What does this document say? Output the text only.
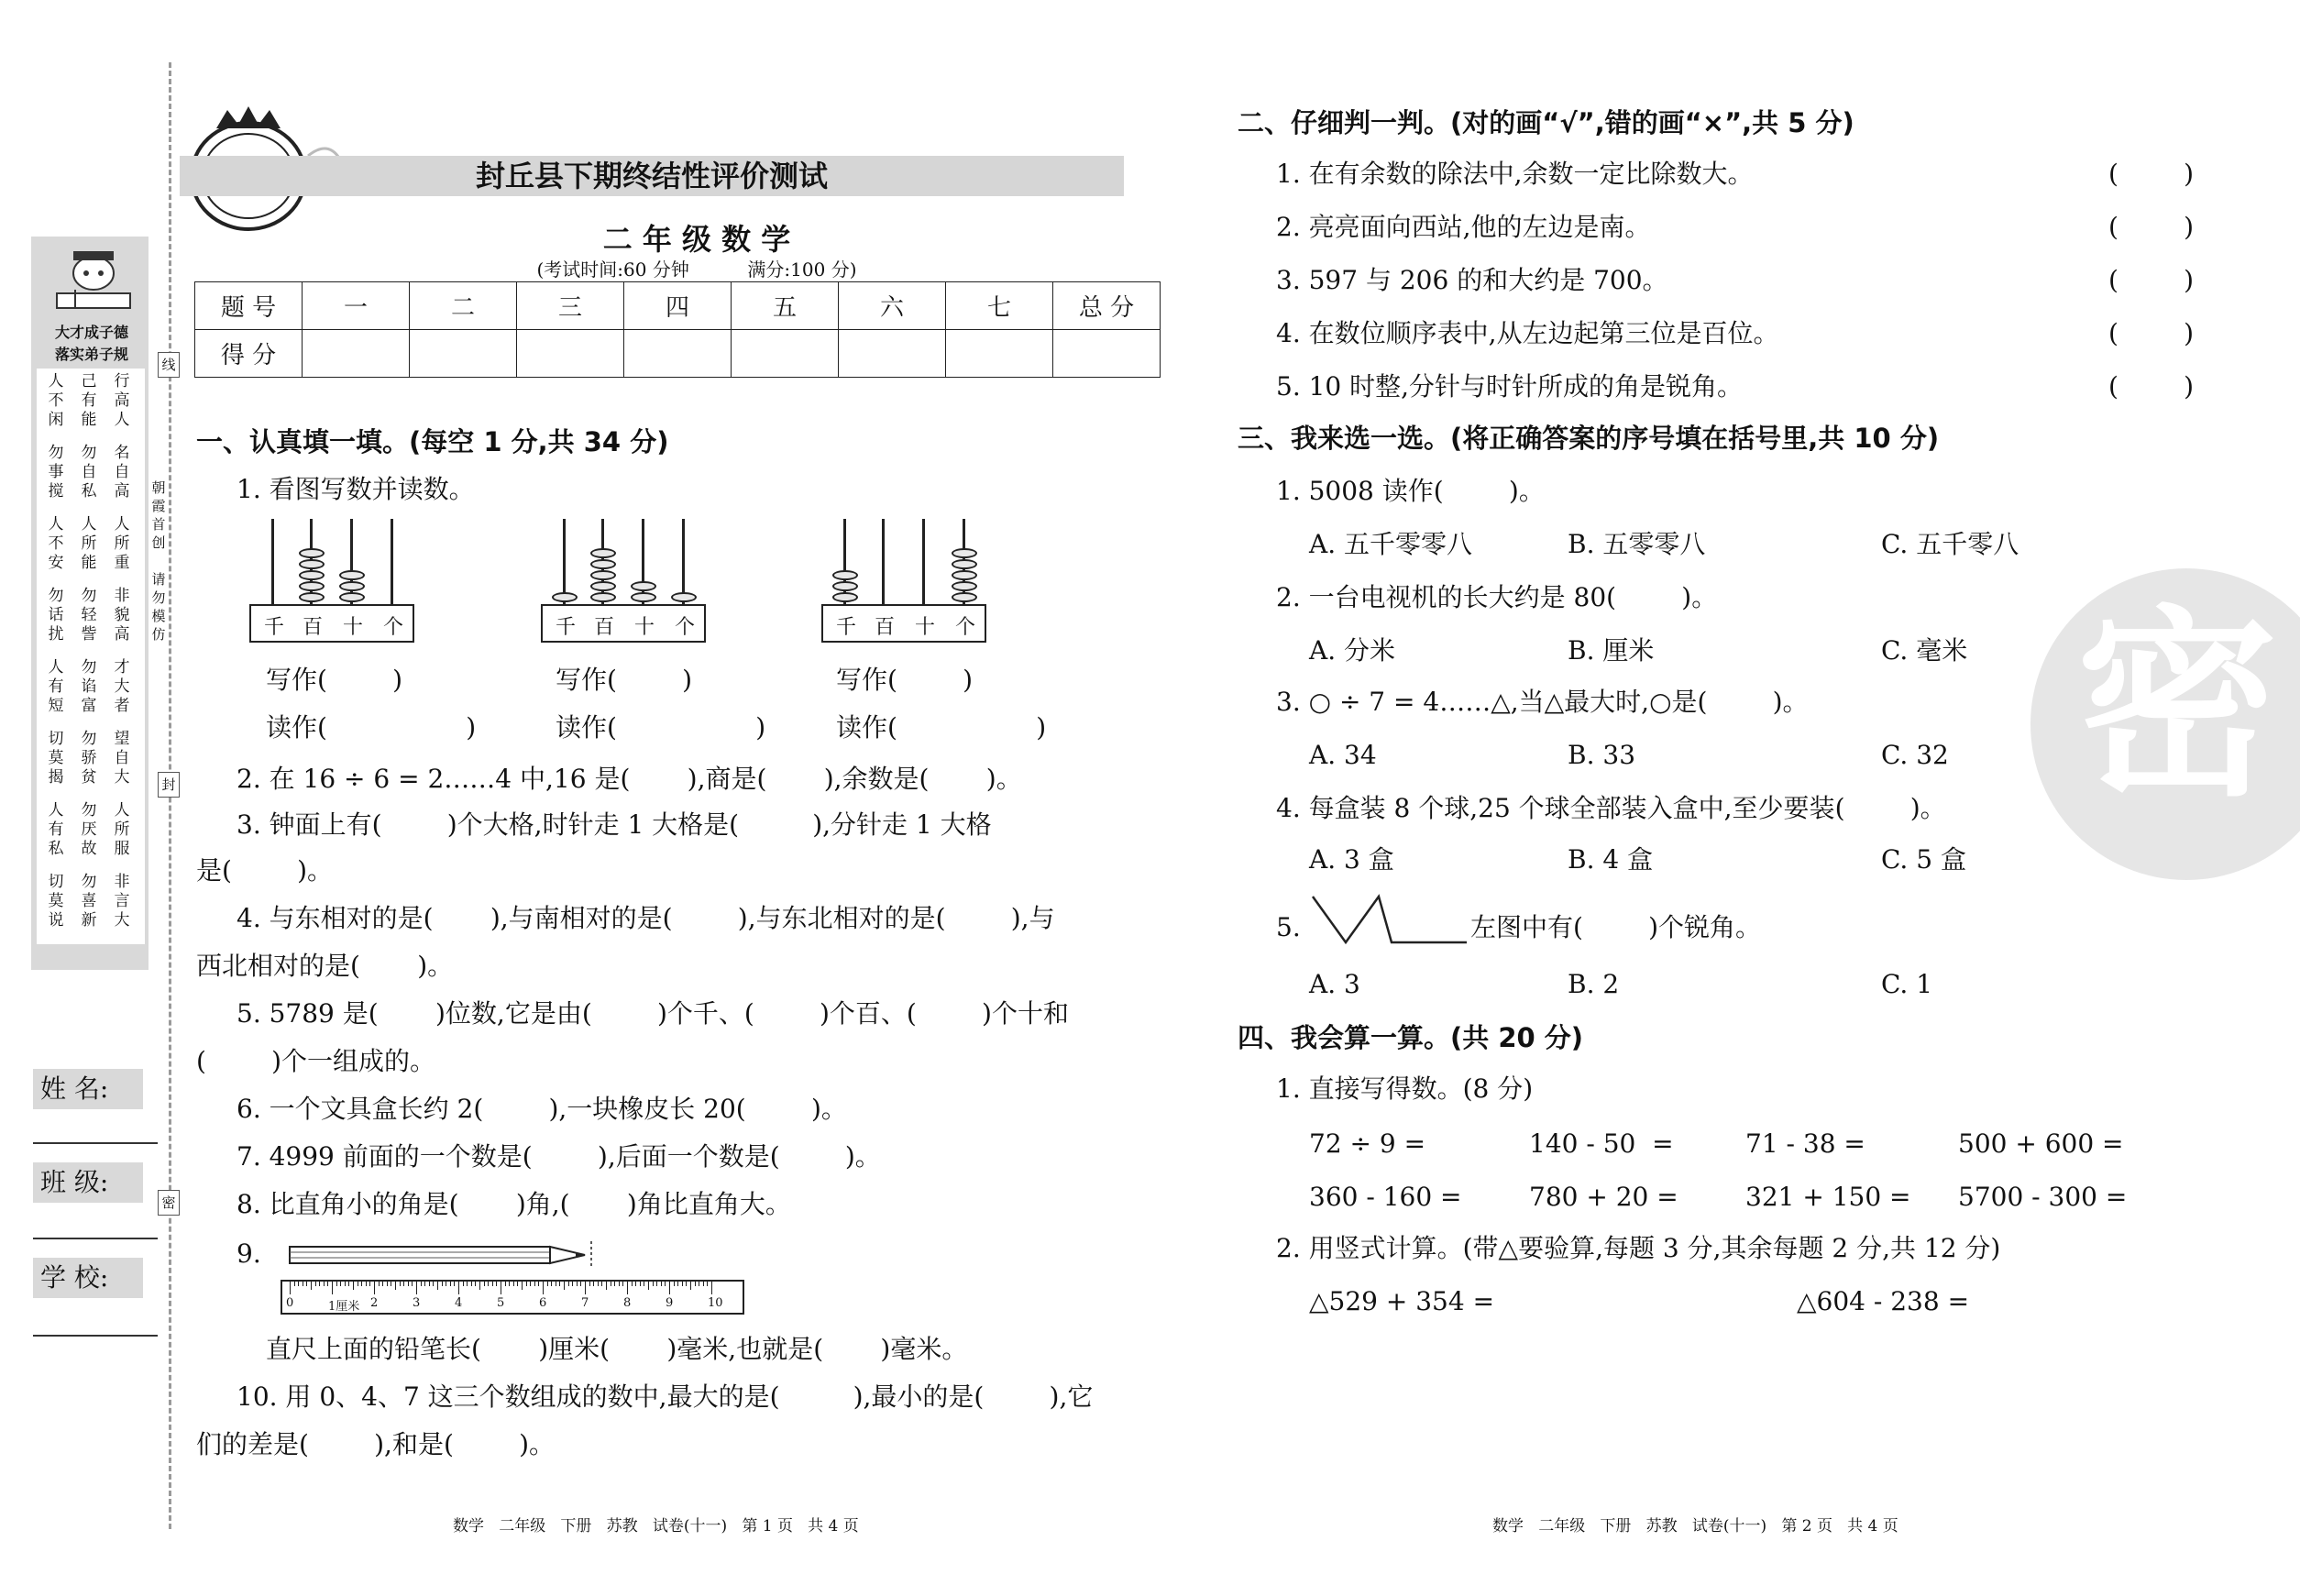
大才成子德
落实弟子规
人不闲
己有能
行高人
勿事搅
勿自私
名自高
人不安
人所能
人所重
勿话扰
勿轻訾
非貌高
人有短
勿谄富
才大者
切莫揭
勿骄贫
望自大
人有私
勿厌故
人所服
切莫说
勿喜新
非言大
朝霞首创
请勿模仿
线
封
密
姓 名:
班 级:
学 校:
封丘县下期终结性评价测试
二 年 级 数 学
(考试时间:60 分钟          满分:100 分)
题 号	一	二	三	四	五	六	七	总 分
得 分								
一、认真填一填。(每空 1 分,共 34 分)
1. 看图写数并读数。
千 百 十 个	千 百 十 个	千 百 十 个
写作(        )
读作(                 )
写作(        )
读作(                 )
写作(        )
读作(                 )
2. 在 16 ÷ 6 = 2……4 中,16 是(       ),商是(       ),余数是(       )。
3. 钟面上有(        )个大格,时针走 1 大格是(         ),分针走 1 大格
是(        )。
4. 与东相对的是(       ),与南相对的是(        ),与东北相对的是(        ),与
西北相对的是(       )。
5. 5789 是(       )位数,它是由(        )个千、(        )个百、(        )个十和
(        )个一组成的。
6. 一个文具盒长约 2(        ),一块橡皮长 20(        )。
7. 4999 前面的一个数是(        ),后面一个数是(        )。
8. 比直角小的角是(       )角,(       )角比直角大。
9.
0	1厘米 2	3	4	5	6	7	8	9	10
直尺上面的铅笔长(       )厘米(       )毫米,也就是(       )毫米。
10. 用 0、4、7 这三个数组成的数中,最大的是(         ),最小的是(        ),它
们的差是(        ),和是(        )。
数学   二年级   下册   苏教   试卷(十一)   第 1 页   共 4 页
密
二、仔细判一判。(对的画“√”,错的画“×”,共 5 分)
1. 在有余数的除法中,余数一定比除数大。	(        )
2. 亮亮面向西站,他的左边是南。	(        )
3. 597 与 206 的和大约是 700。	(        )
4. 在数位顺序表中,从左边起第三位是百位。	(        )
5. 10 时整,分针与时针所成的角是锐角。	(        )
三、我来选一选。(将正确答案的序号填在括号里,共 10 分)
1. 5008 读作(        )。
A. 五千零零八	B. 五零零八	C. 五千零八
2. 一台电视机的长大约是 80(        )。
A. 分米	B. 厘米	C. 毫米
3. ○ ÷ 7 = 4……△,当△最大时,○是(        )。
A. 34	B. 33	C. 32
4. 每盒装 8 个球,25 个球全部装入盒中,至少要装(        )。
A. 3 盒	B. 4 盒	C. 5 盒
5.	左图中有(        )个锐角。
A. 3	B. 2	C. 1
四、我会算一算。(共 20 分)
1. 直接写得数。(8 分)
72 ÷ 9 =	140 - 50  =	71 - 38 =	500 + 600 =
360 - 160 =	780 + 20 =	321 + 150 = 5700 - 300 =
2. 用竖式计算。(带△要验算,每题 3 分,其余每题 2 分,共 12 分)
△529 + 354 =	△604 - 238 =
数学   二年级   下册   苏教   试卷(十一)   第 2 页   共 4 页
